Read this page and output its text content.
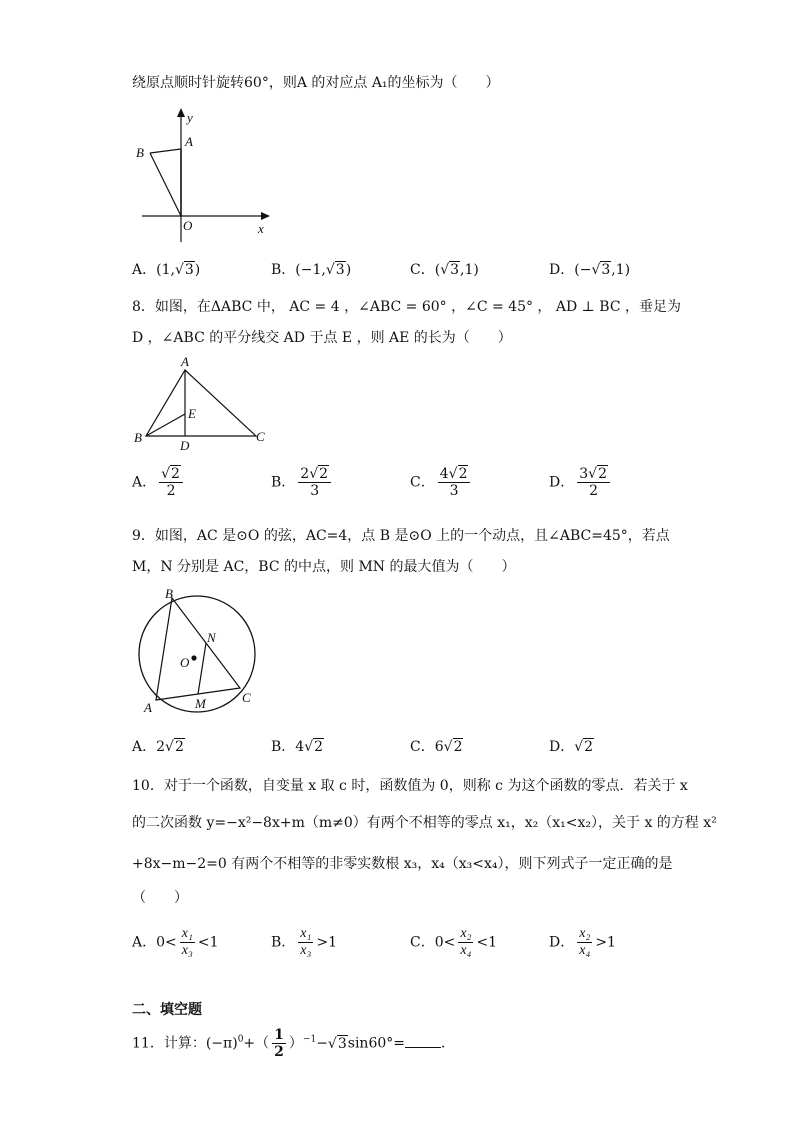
绕原点顺时针旋转60°，则A 的对应点 A₁的坐标为（　　）
y
A
B
O	x
A．(1,√3)	B．(−1,√3)	C．(√3,1)	D．(−√3,1)
8．如图，在ΔABC 中， AC = 4 ，∠ABC = 60° ，∠C = 45° ， AD ⊥ BC ，垂足为
D ，∠ABC 的平分线交 AD 于点 E ，则 AE 的长为（　　）
A
E
B
D
C
A． $\frac{√2}{2}$	B． $\frac{2√2}{3}$	C． $\frac{4√2}{3}$	D． $\frac{3√2}{2}$
9．如图，AC 是⊙O 的弦，AC=4，点 B 是⊙O 上的一个动点，且∠ABC=45°，若点
M，N 分别是 AC，BC 的中点，则 MN 的最大值为（　　）
B
N
O
C
A	M
A．2√2	B．4√2	C．6√2	D．√2
10．对于一个函数，自变量 x 取 c 时，函数值为 0，则称 c 为这个函数的零点．若关于 x
的二次函数 y=−x²−8x+m（m≠0）有两个不相等的零点 x₁，x₂（x₁<x₂），关于 x 的方程 x²
+8x−m−2=0 有两个不相等的非零实数根 x₃，x₄（x₃<x₄），则下列式子一定正确的是
（　　）
A．$0< \frac{\text{x₁}}{\text{x₃}} <1$	B． $\frac{\text{x₁}}{\text{x₃}} >1$	C．$0< \frac{\text{x₂}}{\text{x₄}} <1$	D． $\frac{\text{x₂}}{\text{x₄}} >1$
二、填空题
11．计算：$(-\pi)^0+( \frac{1}{2} )^{-1}-√3\sin 60^\circ=$	．
